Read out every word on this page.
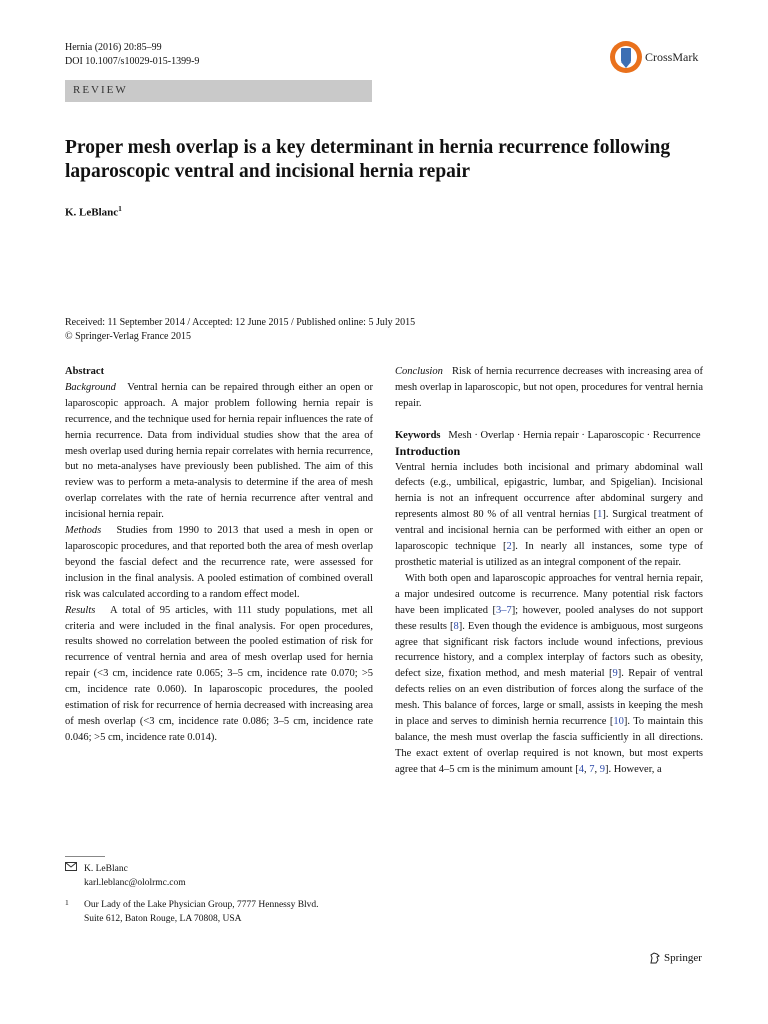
Hernia (2016) 20:85–99
DOI 10.1007/s10029-015-1399-9	CrossMark
REVIEW
Proper mesh overlap is a key determinant in hernia recurrence following laparoscopic ventral and incisional hernia repair
K. LeBlanc$^1$
Received: 11 September 2014 / Accepted: 12 June 2015 / Published online: 5 July 2015
© Springer-Verlag France 2015

Abstract

Background Ventral hernia can be repaired through either an open or laparoscopic approach. A major problem following hernia repair is recurrence, and the technique used for hernia repair influences the rate of hernia recurrence. Data from individual studies show that the area of mesh overlap used during hernia repair correlates with hernia recurrence, but no meta-analyses have previously been published. The aim of this review was to perform a meta-analysis to determine if the area of mesh overlap correlates with the rate of hernia recurrence after ventral and incisional hernia repair.

Methods Studies from 1990 to 2013 that used a mesh in open or laparoscopic procedures, and that reported both the area of mesh overlap beyond the fascial defect and the recurrence rate, were assessed for inclusion in the final analysis. A pooled estimation of combined overall risk was calculated according to a random effect model.

Results A total of 95 articles, with 111 study populations, met all criteria and were included in the final analysis. For open procedures, results showed no correlation between the pooled estimation of risk for recurrence of ventral hernia and area of mesh overlap used for hernia repair (<3 cm, incidence rate 0.065; 3–5 cm, incidence rate 0.070; >5 cm, incidence rate 0.060). In laparoscopic procedures, the pooled estimation of risk for recurrence of hernia decreased with increasing area of mesh overlap (<3 cm, incidence rate 0.086; 3–5 cm, incidence rate 0.046; >5 cm, incidence rate 0.014).

Conclusion Risk of hernia recurrence decreases with increasing area of mesh overlap in laparoscopic, but not open, procedures for ventral hernia repair.

Keywords Mesh · Overlap · Hernia repair · Laparoscopic · Recurrence

Introduction

Ventral hernia includes both incisional and primary abdominal wall defects (e.g., umbilical, epigastric, lumbar, and Spigelian). Incisional hernia is not an infrequent occurrence after abdominal surgery and represents almost 80 % of all ventral hernias [1]. Surgical treatment of ventral and incisional hernia can be performed with either an open or laparoscopic technique [2]. In nearly all instances, some type of prosthetic material is utilized as an integral component of the repair.

With both open and laparoscopic approaches for ventral hernia repair, a major undesired outcome is recurrence. Many potential risk factors have been implicated [3–7]; however, pooled analyses do not support these results [8]. Even though the evidence is ambiguous, most surgeons agree that significant risk factors include wound infections, previous recurrence history, and a complex interplay of factors such as obesity, defect size, fixation method, and mesh material [9]. Repair of ventral defects relies on an even distribution of forces along the surface of the mesh. This balance of forces, large or small, assists in keeping the mesh in place and serves to diminish hernia recurrence [10]. To maintain this balance, the mesh must overlap the fascia sufficiently in all directions. The exact extent of overlap required is not known, but most experts agree that 4–5 cm is the minimum amount [4, 7, 9]. However, a

K. LeBlanc
karl.leblanc@ololrmc.com
1 Our Lady of the Lake Physician Group, 7777 Hennessy Blvd.
Suite 612, Baton Rouge, LA 70808, USA
Springer
